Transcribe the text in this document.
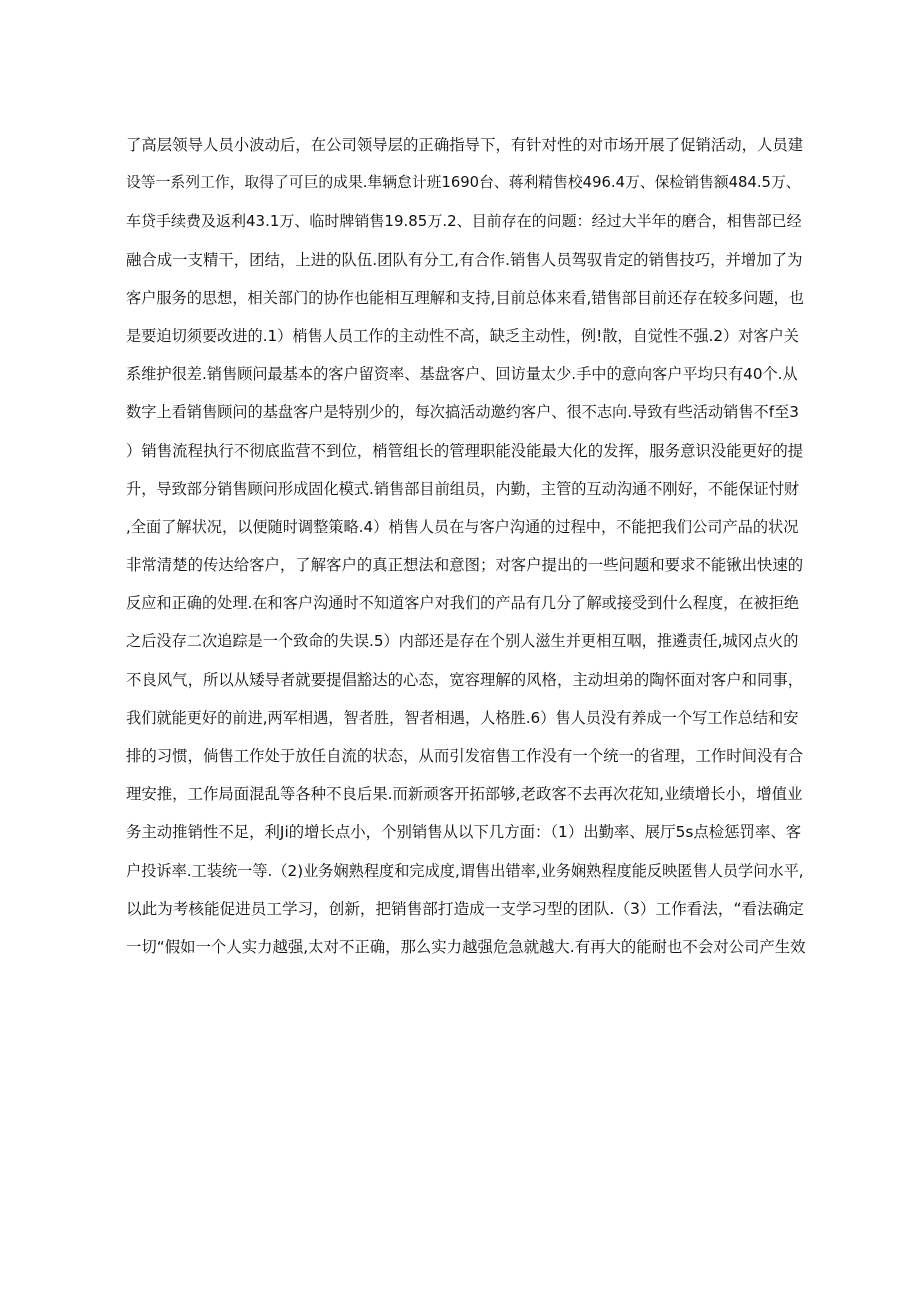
了高层领导人员小波动后，在公司领导层的正确指导下，有针对性的对市场开展了促销活动，人员建
设等一系列工作，取得了可巨的成果.隼辆怠计班1690台、蒋利精售校496.4万、保检销售额484.5万、
车贷手续费及返利43.1万、临时牌销售19.85万.2、目前存在的问题：经过大半年的磨合，相售部已经
融合成一支精干，团结，上进的队伍.团队有分工,有合作.销售人员驾驭肯定的销售技巧，并增加了为
客户服务的思想，相关部门的协作也能相互理解和支持,目前总体来看,错售部目前还存在较多问题，也
是要迫切须要改进的.1）梢售人员工作的主动性不高，缺乏主动性，例!散，自觉性不强.2）对客户关
系维护很差.销售顾问最基本的客户留资率、基盘客户、回访量太少.手中的意向客户平均只有40个.从
数字上看销售顾问的基盘客户是特别少的，每次搞活动邀约客户、很不志向.导致有些活动销售不f至3
）销售流程执行不彻底监营不到位，梢管组长的管理职能没能最大化的发挥，服务意识没能更好的提
升，导致部分销售顾问形成固化模式.销售部目前组员，内勤，主管的互动沟通不刚好，不能保证忖财
,全面了解状况，以便随时调整策略.4）梢售人员在与客户沟通的过程中，不能把我们公司产品的状况
非常清楚的传达给客户，了解客户的真正想法和意图；对客户提出的一些问题和要求不能锹出快速的
反应和正确的处理.在和客户沟通时不知道客户对我们的产品有几分了解或接受到什么程度，在被拒绝
之后没存二次追踪是一个致命的失误.5）内部还是存在个别人滋生并更相互咽，推遴责任,城冈点火的
不良风气，所以从矮导者就要提倡豁达的心态，宽容理解的风格，主动坦弟的陶怀面对客户和同事，
我们就能更好的前进,两军相遇，智者胜，智者相遇，人格胜.6）售人员没有养成一个写工作总结和安
排的习惯，倘售工作处于放任自流的状态，从而引发宿售工作没有一个统一的省理，工作时间没有合
理安推，工作局面混乱等各种不良后果.而新顽客开拓部够,老政客不去再次花知,业绩增长小，增值业
务主动推销性不足，利Ji的增长点小，个别销售从以下几方面：（1）出勤率、展厅5s点检惩罚率、客
户投诉率.工装统一等.（2)业务娴熟程度和完成度,谓售出错率,业务娴熟程度能反映匿售人员学问水平,
以此为考核能促进员工学习，创新，把销售部打造成一支学习型的团队.（3）工作看法，“看法确定
一切“假如一个人实力越强,太对不正确，那么实力越强危急就越大.有再大的能耐也不会对公司产生效
